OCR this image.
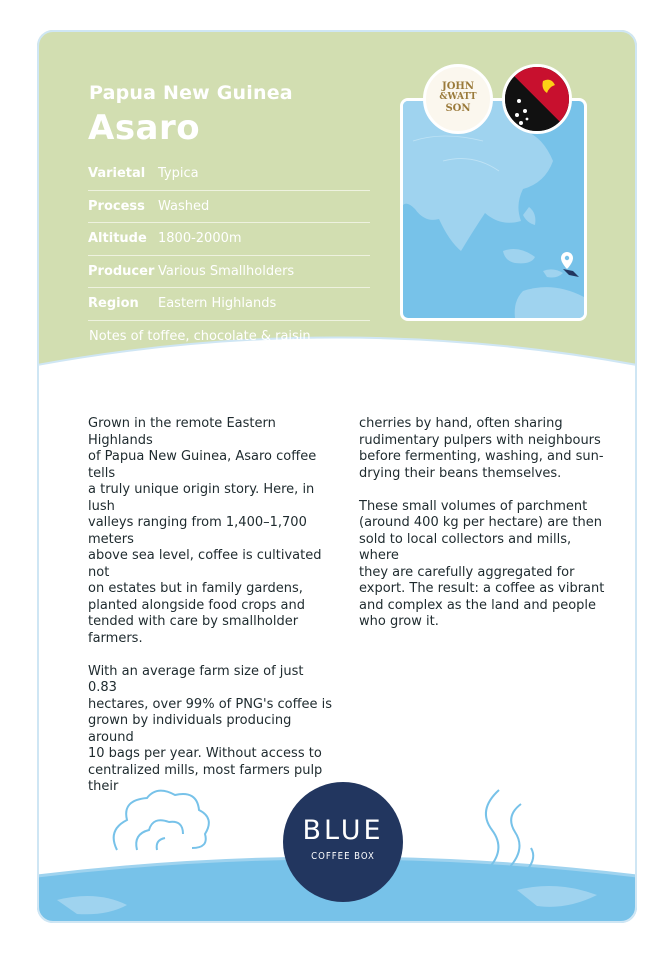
Papua New Guinea
Asaro
Varietal Typica
Process	Washed
Altitude 1800-2000m
Producer Various Smallholders
Region	Eastern Highlands

Notes of toffee, chocolate & raisin

JOHN
&WATT
SON

Grown in the remote Eastern Highlands
of Papua New Guinea, Asaro coffee tells
a truly unique origin story. Here, in lush
valleys ranging from 1,400–1,700 meters
above sea level, coffee is cultivated not
on estates but in family gardens,
planted alongside food crops and
tended with care by smallholder
farmers.

With an average farm size of just 0.83
hectares, over 99% of PNG's coffee is
grown by individuals producing around
10 bags per year. Without access to
centralized mills, most farmers pulp their

cherries by hand, often sharing
rudimentary pulpers with neighbours
before fermenting, washing, and sun-
drying their beans themselves.

These small volumes of parchment
(around 400 kg per hectare) are then
sold to local collectors and mills, where
they are carefully aggregated for
export. The result: a coffee as vibrant
and complex as the land and people
who grow it.

BLUE
COFFEE BOX
